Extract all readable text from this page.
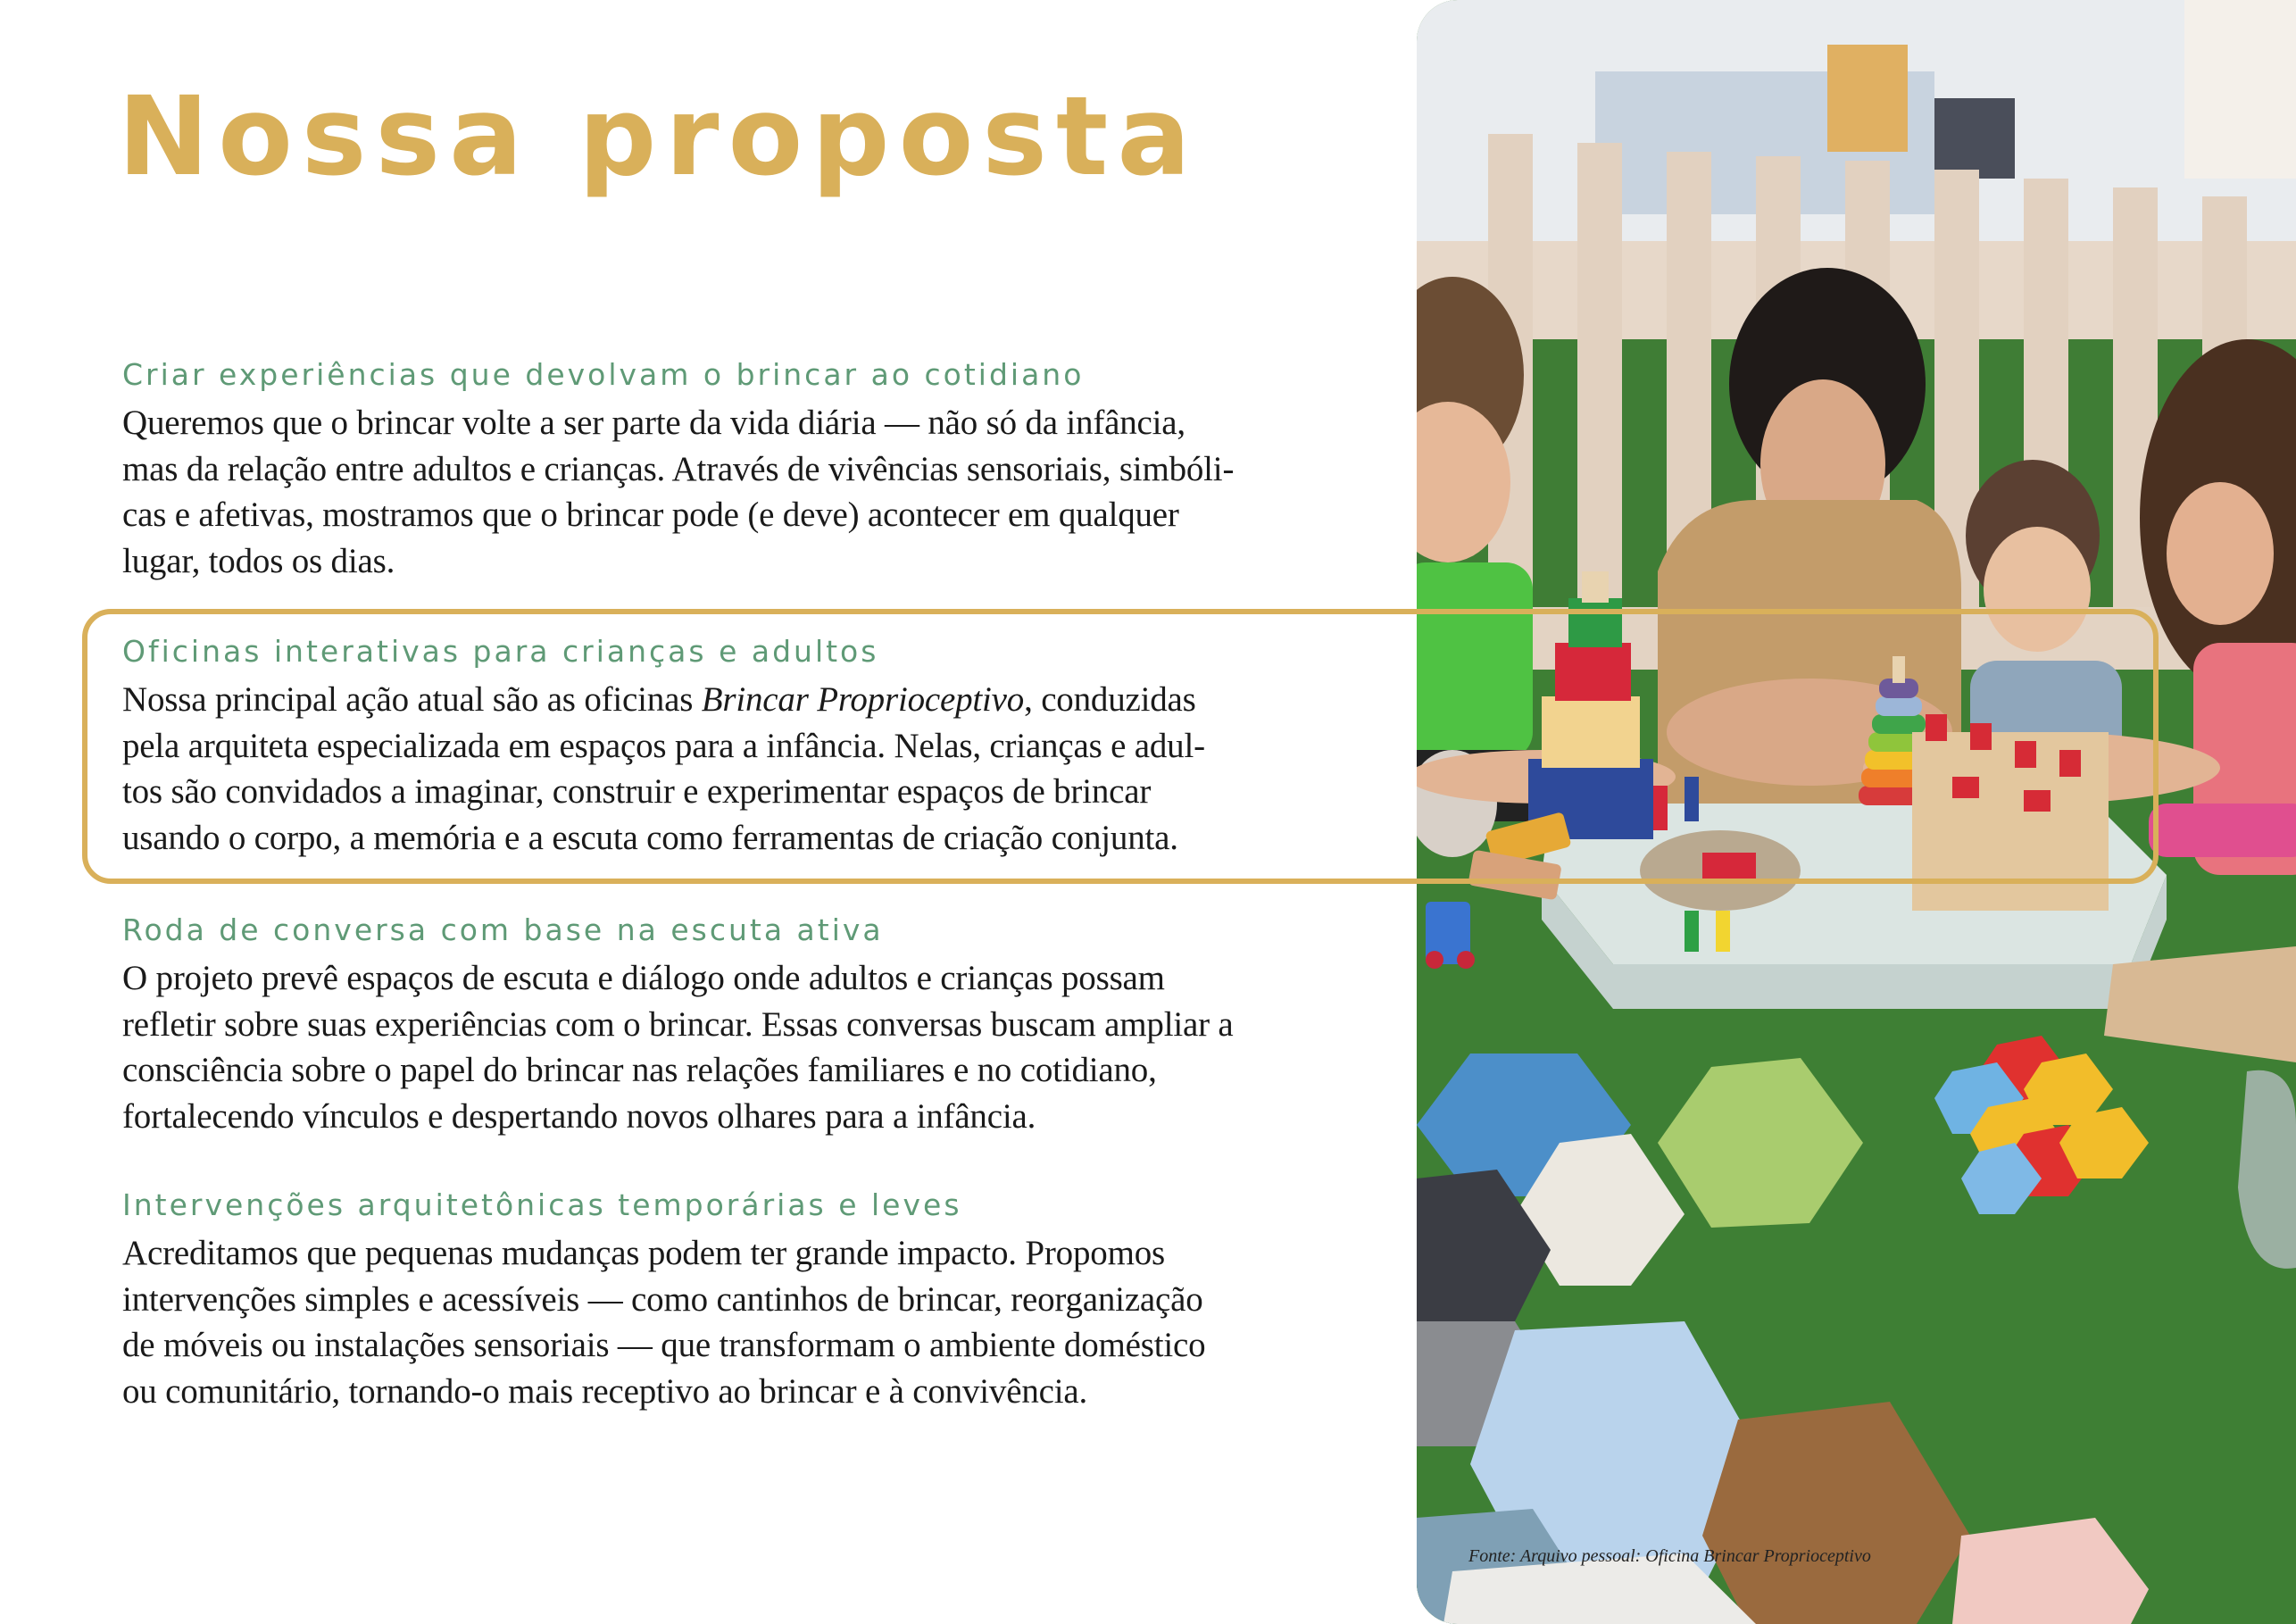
Nossa proposta

Criar experiências que devolvam o brincar ao cotidiano

Queremos que o brincar volte a ser parte da vida diária — não só da infância,
mas da relação entre adultos e crianças. Através de vivências sensoriais, simbóli-
cas e afetivas, mostramos que o brincar pode (e deve) acontecer em qualquer
lugar, todos os dias.

Oficinas interativas para crianças e adultos

Nossa principal ação atual são as oficinas Brincar Proprioceptivo, conduzidas
pela arquiteta especializada em espaços para a infância. Nelas, crianças e adul-
tos são convidados a imaginar, construir e experimentar espaços de brincar
usando o corpo, a memória e a escuta como ferramentas de criação conjunta.

Roda de conversa com base na escuta ativa

O projeto prevê espaços de escuta e diálogo onde adultos e crianças possam
refletir sobre suas experiências com o brincar. Essas conversas buscam ampliar a
consciência sobre o papel do brincar nas relações familiares e no cotidiano,
fortalecendo vínculos e despertando novos olhares para a infância.

Intervenções arquitetônicas temporárias e leves

Acreditamos que pequenas mudanças podem ter grande impacto. Propomos
intervenções simples e acessíveis — como cantinhos de brincar, reorganização
de móveis ou instalações sensoriais — que transformam o ambiente doméstico
ou comunitário, tornando-o mais receptivo ao brincar e à convivência.

Fonte: Arquivo pessoal: Oficina Brincar Proprioceptivo
